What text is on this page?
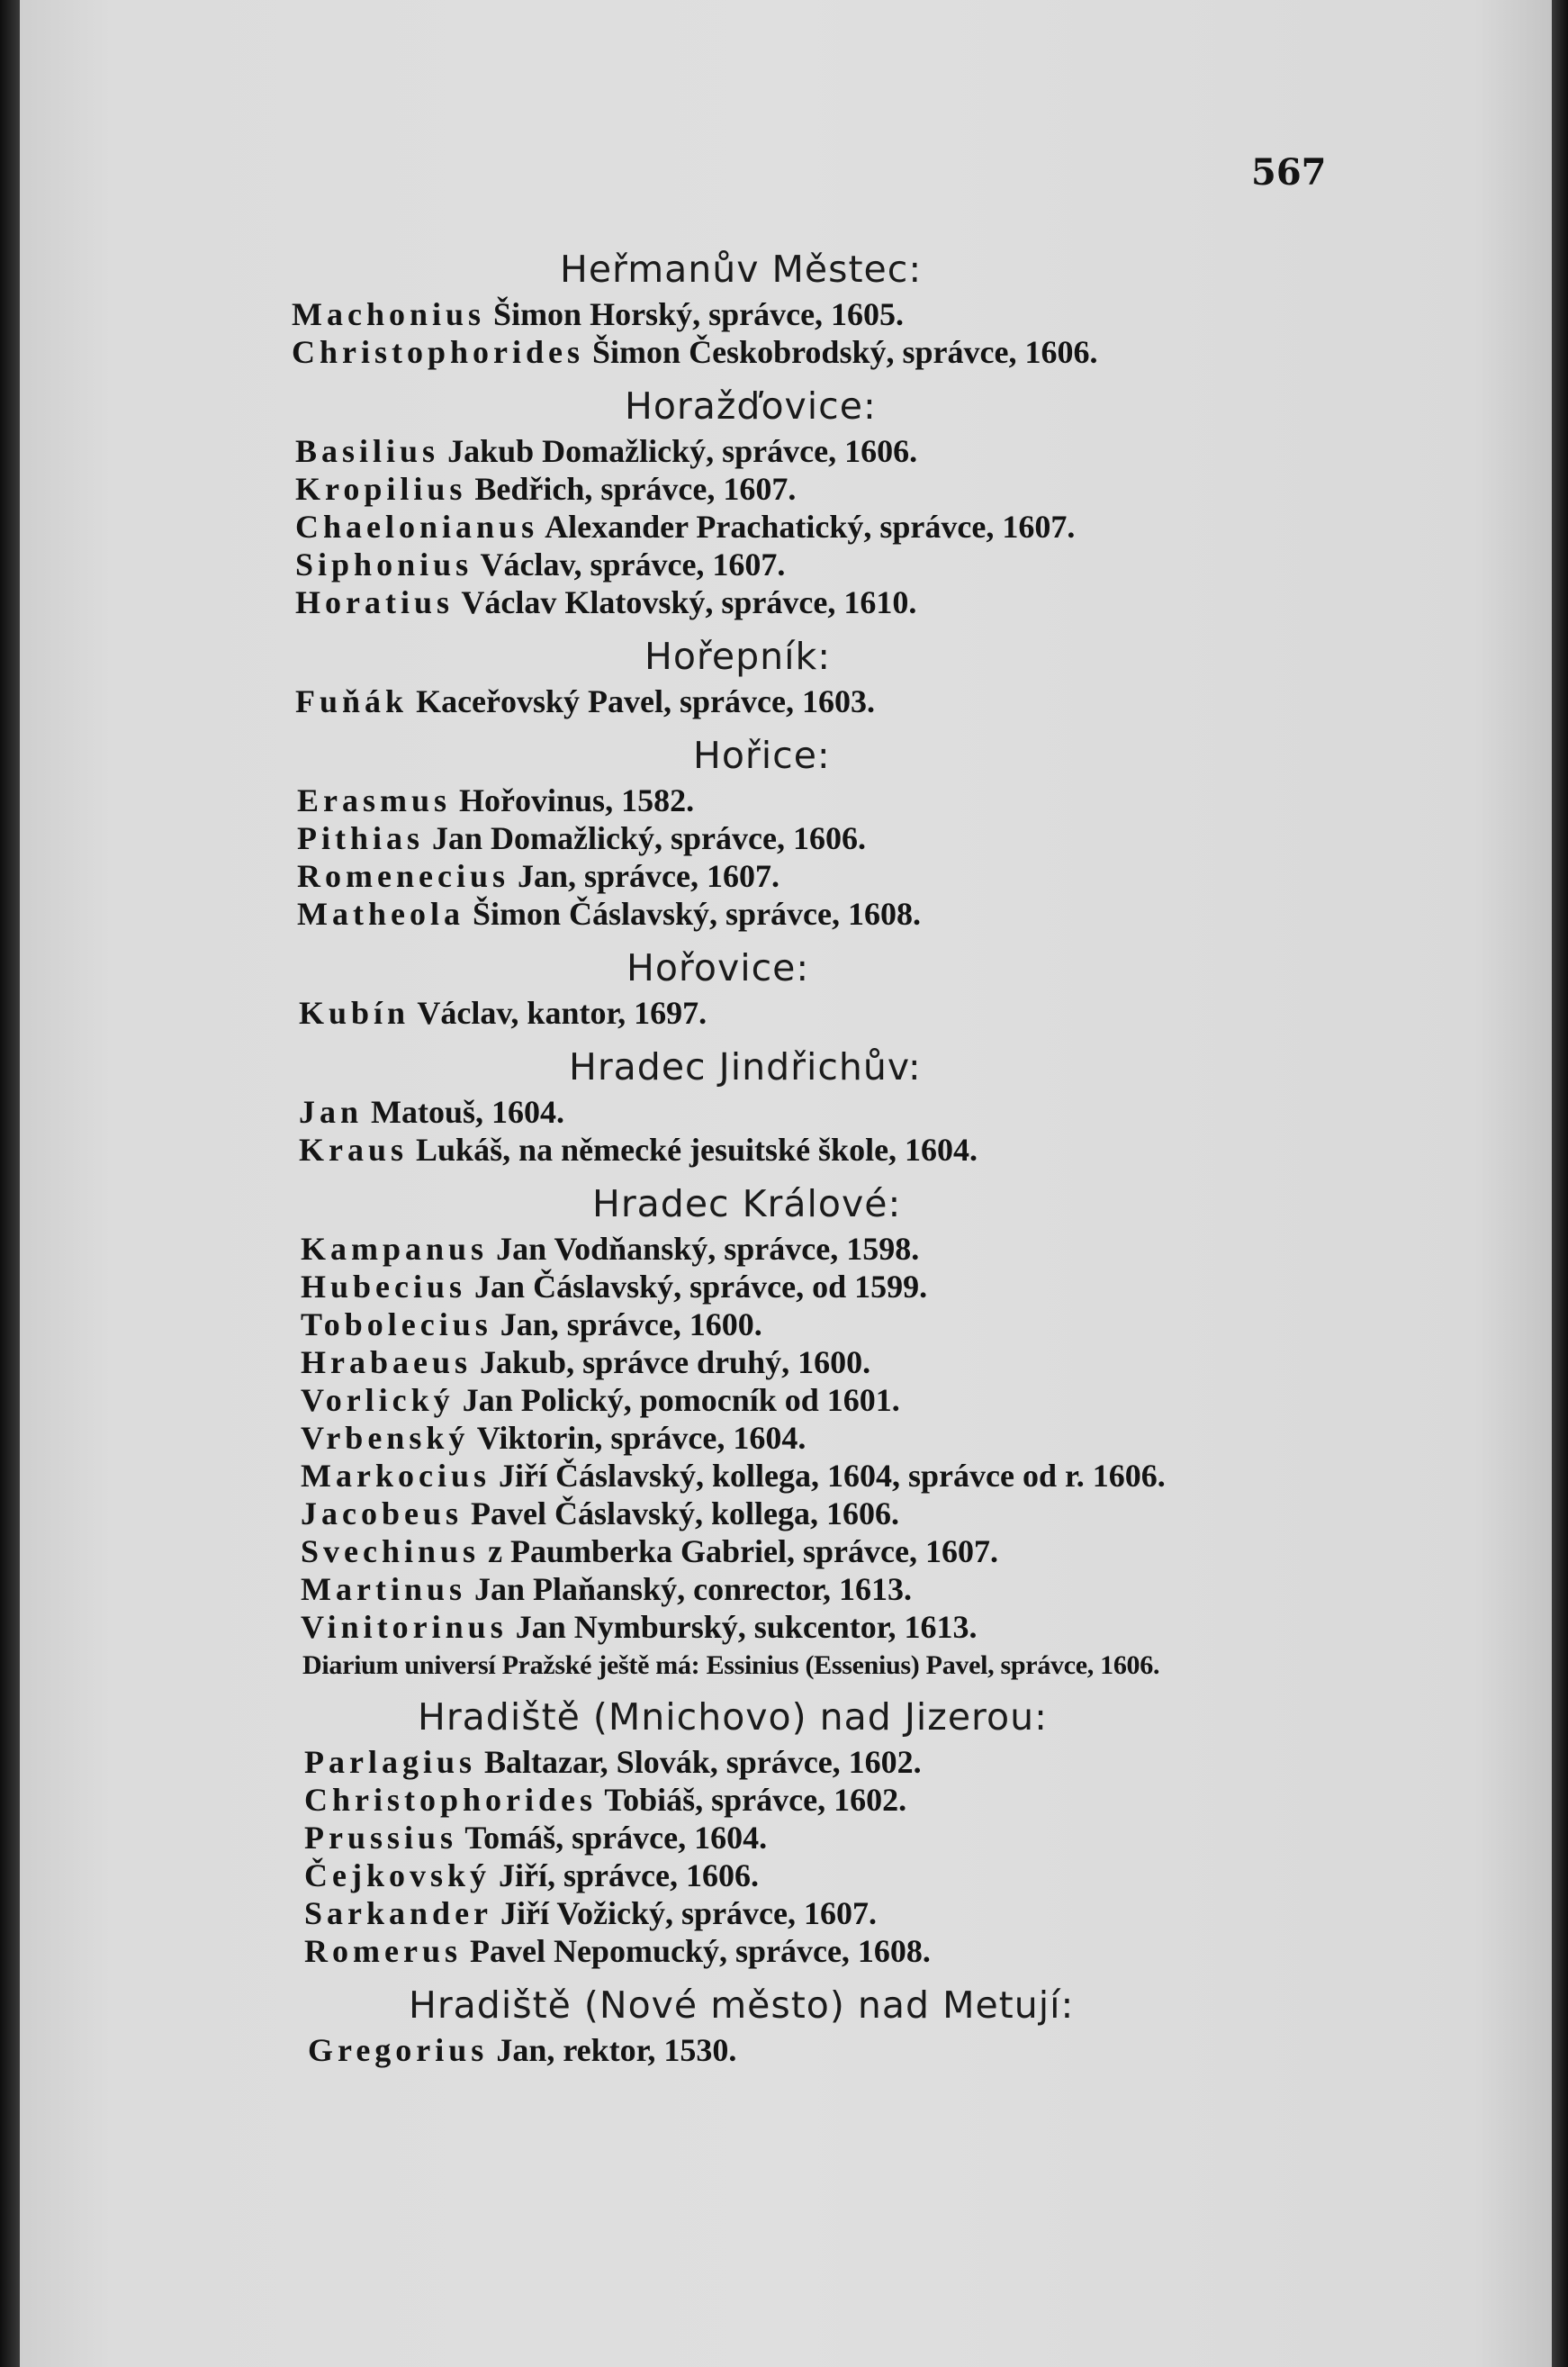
567
Heřmanův Městec:
Machonius Šimon Horský, správce, 1605.
Christophorides Šimon Českobrodský, správce, 1606.
Horažďovice:
Basilius Jakub Domažlický, správce, 1606.
Kropilius Bedřich, správce, 1607.
Chaelonianus Alexander Prachatický, správce, 1607.
Siphonius Václav, správce, 1607.
Horatius Václav Klatovský, správce, 1610.
Hořepník:
Fuňák Kaceřovský Pavel, správce, 1603.
Hořice:
Erasmus Hořovinus, 1582.
Pithias Jan Domažlický, správce, 1606.
Romenecius Jan, správce, 1607.
Matheola Šimon Čáslavský, správce, 1608.
Hořovice:
Kubín Václav, kantor, 1697.
Hradec Jindřichův:
Jan Matouš, 1604.
Kraus Lukáš, na německé jesuitské škole, 1604.
Hradec Králové:
Kampanus Jan Vodňanský, správce, 1598.
Hubecius Jan Čáslavský, správce, od 1599.
Tobolecius Jan, správce, 1600.
Hrabaeus Jakub, správce druhý, 1600.
Vorlický Jan Polický, pomocník od 1601.
Vrbenský Viktorin, správce, 1604.
Markocius Jiří Čáslavský, kollega, 1604, správce od r. 1606.
Jacobeus Pavel Čáslavský, kollega, 1606.
Svechinus z Paumberka Gabriel, správce, 1607.
Martinus Jan Plaňanský, conrector, 1613.
Vinitorinus Jan Nymburský, sukcentor, 1613.
Diarium universí Pražské ještě má: Essinius (Essenius) Pavel, správce, 1606.
Hradiště (Mnichovo) nad Jizerou:
Parlagius Baltazar, Slovák, správce, 1602.
Christophorides Tobiáš, správce, 1602.
Prussius Tomáš, správce, 1604.
Čejkovský Jiří, správce, 1606.
Sarkander Jiří Vožický, správce, 1607.
Romerus Pavel Nepomucký, správce, 1608.
Hradiště (Nové město) nad Metují:
Gregorius Jan, rektor, 1530.
